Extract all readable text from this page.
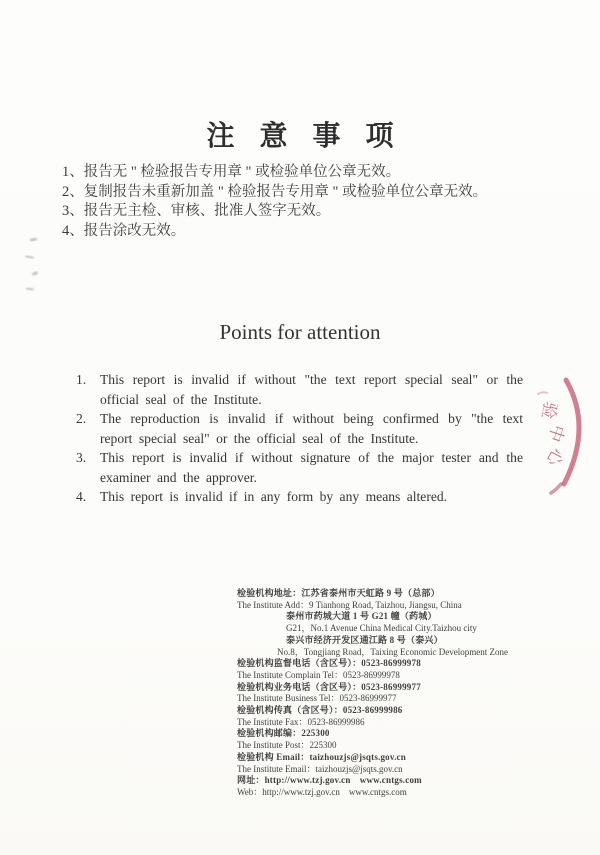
注意事项
1、报告无 " 检验报告专用章 " 或检验单位公章无效。
2、复制报告未重新加盖 " 检验报告专用章 " 或检验单位公章无效。
3、报告无主检、审核、批准人签字无效。
4、报告涂改无效。
Points for attention

1. This report is invalid if without "the text report special seal" or the official seal of the Institute.

2. The reproduction is invalid if without being confirmed by "the text report special seal" or the official seal of the Institute.

3. This report is invalid if without signature of the major tester and the examiner and the approver.

4. This report is invalid if in any form by any means altered.

检验机构地址：江苏省泰州市天虹路 9 号（总部）
The Institute Add：9 Tianhong Road, Taizhou, Jiangsu, China
泰州市药城大道 1 号 G21 幢（药城）
G21，No.1 Avenue China Medical City.Taizhou city
泰兴市经济开发区通江路 8 号（泰兴）
No.8，Tongjiang Road，Taixing Economic Development Zone
检验机构监督电话（含区号）：0523-86999978
The Institute Complain Tel：0523-86999978
检验机构业务电话（含区号）：0523-86999977
The Institute Business Tel：0523-86999977
检验机构传真（含区号）：0523-86999986
The Institute Fax：0523-86999986
检验机构邮编：225300
The Institute Post：225300
检验机构 Email：taizhouzjs@jsqts.gov.cn
The Institute Email：taizhouzjs@jsqts.gov.cn
网址：http://www.tzj.gov.cn www.cntgs.com
Web：http://www.tzj.gov.cn www.cntgs.com
验
中
心
